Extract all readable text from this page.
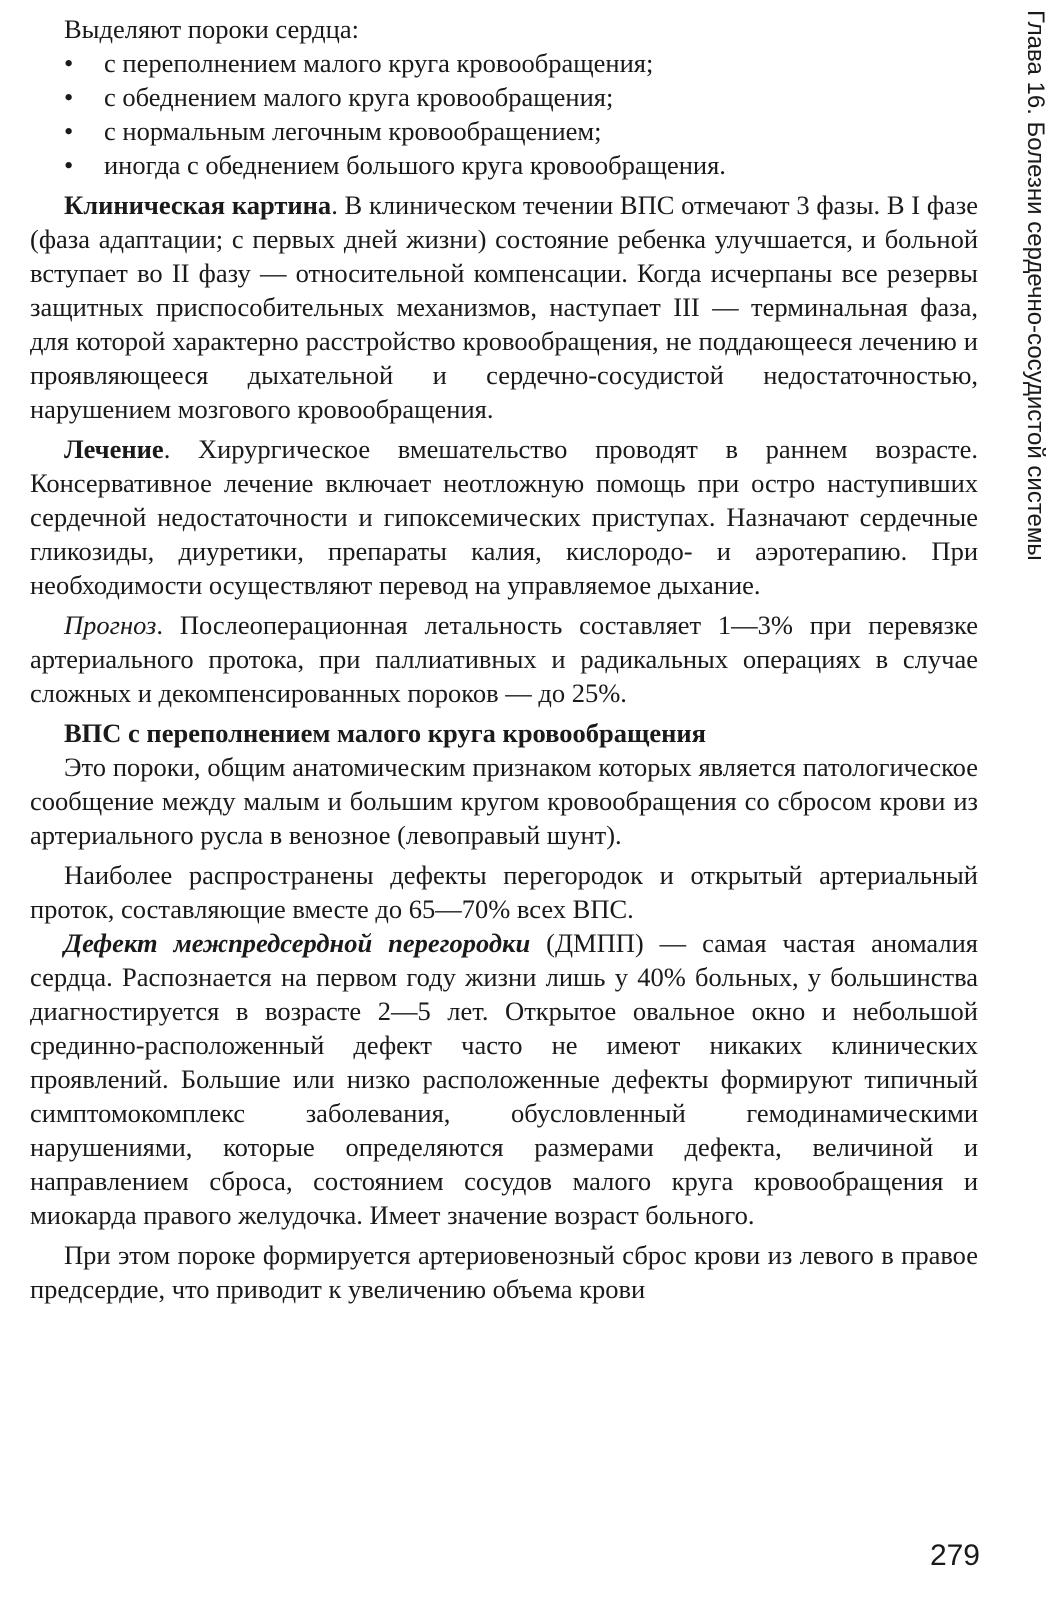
Глава 16. Болезни сердечно-сосудистой системы

Выделяют пороки сердца:

• с переполнением малого круга кровообращения;
• с обеднением малого круга кровообращения;
• с нормальным легочным кровообращением;
• иногда с обеднением большого круга кровообращения.

Клиническая картина. В клиническом течении ВПС отмечают 3 фазы. В I фазе (фаза адаптации; с первых дней жизни) состояние ребенка улучшается, и больной вступает во II фазу — относительной компенсации. Когда исчерпаны все резервы защитных приспособительных механизмов, наступает III — терминальная фаза, для которой характерно расстройство кровообращения, не поддающееся лечению и проявляющееся дыхательной и сердечно-сосудистой недостаточностью, нарушением мозгового кровообращения.

Лечение. Хирургическое вмешательство проводят в раннем возрасте. Консервативное лечение включает неотложную помощь при остро наступивших сердечной недостаточности и гипоксемических приступах. Назначают сердечные гликозиды, диуретики, препараты калия, кислородо- и аэротерапию. При необходимости осуществляют перевод на управляемое дыхание.

Прогноз. Послеоперационная летальность составляет 1—3% при перевязке артериального протока, при паллиативных и радикальных операциях в случае сложных и декомпенсированных пороков — до 25%.

ВПС с переполнением малого круга кровообращения

Это пороки, общим анатомическим признаком которых является патологическое сообщение между малым и большим кругом кровообращения со сбросом крови из артериального русла в венозное (левоправый шунт).

Наиболее распространены дефекты перегородок и открытый артериальный проток, составляющие вместе до 65—70% всех ВПС.

Дефект межпредсердной перегородки (ДМПП) — самая частая аномалия сердца. Распознается на первом году жизни лишь у 40% больных, у большинства диагностируется в возрасте 2—5 лет. Открытое овальное окно и небольшой срединно-расположенный дефект часто не имеют никаких клинических проявлений. Большие или низко расположенные дефекты формируют типичный симптомокомплекс заболевания, обусловленный гемодинамическими нарушениями, которые определяются размерами дефекта, величиной и направлением сброса, состоянием сосудов малого круга кровообращения и миокарда правого желудочка. Имеет значение возраст больного.

При этом пороке формируется артериовенозный сброс крови из левого в правое предсердие, что приводит к увеличению объема крови

279
